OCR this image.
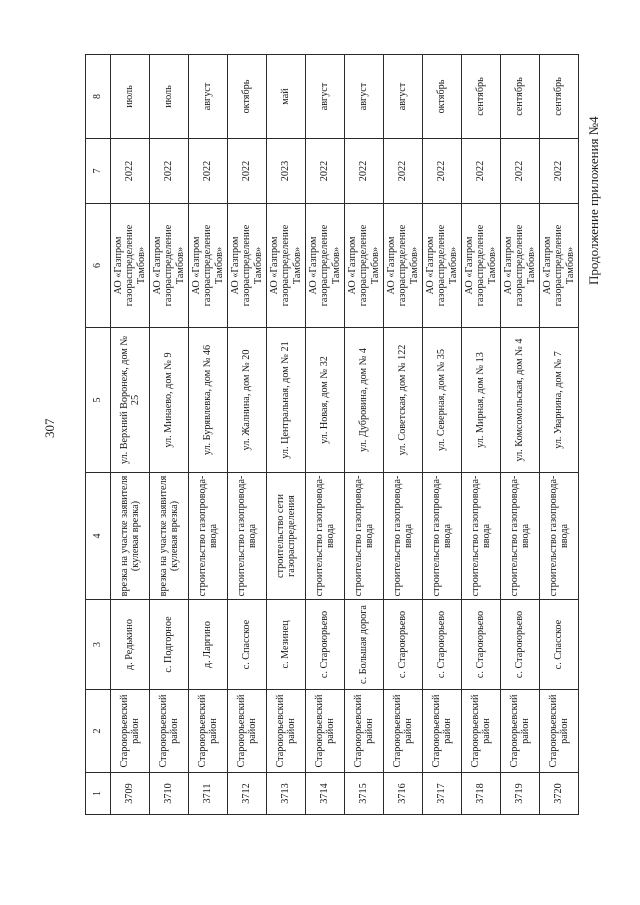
307
Продолжение приложения №4
1	2	3	4	5	6	7	8
3709	Староюрьевский район	д. Редькино	врезка на участке заявителя (кулевая врезка)	ул. Верхний Воронеж, дом № 25	АО «Газпром газораспределение Тамбов»	2022	июль
3710	Староюрьевский район	с. Подгорное	врезка на участке заявителя (кулевая врезка)	ул. Минаево, дом № 9	АО «Газпром газораспределение Тамбов»	2022	июль
3711	Староюрьевский район	д. Ларгино	строительство газопровода-ввода	ул. Бурявлевка, дом № 46	АО «Газпром газораспределение Тамбов»	2022	август
3712	Староюрьевский район	с. Спасское	строительство газопровода-ввода	ул. Жалнина, дом № 20	АО «Газпром газораспределение Тамбов»	2022	октябрь
3713	Староюрьевский район	с. Мезинец	строительство сети газораспределения	ул. Центральная, дом № 21	АО «Газпром газораспределение Тамбов»	2023	май
3714	Староюрьевский район	с. Староюрьево	строительство газопровода-ввода	ул. Новая, дом № 32	АО «Газпром газораспределение Тамбов»	2022	август
3715	Староюрьевский район	с. Большая дорога	строительство газопровода-ввода	ул. Дубровина, дом № 4	АО «Газпром газораспределение Тамбов»	2022	август
3716	Староюрьевский район	с. Староюрьево	строительство газопровода-ввода	ул. Советская, дом № 122	АО «Газпром газораспределение Тамбов»	2022	август
3717	Староюрьевский район	с. Староюрьево	строительство газопровода-ввода	ул. Северная, дом № 35	АО «Газпром газораспределение Тамбов»	2022	октябрь
3718	Староюрьевский район	с. Староюрьево	строительство газопровода-ввода	ул. Мирная, дом № 13	АО «Газпром газораспределение Тамбов»	2022	сентябрь
3719	Староюрьевский район	с. Староюрьево	строительство газопровода-ввода	ул. Комсомольская, дом № 4	АО «Газпром газораспределение Тамбов»	2022	сентябрь
3720	Староюрьевский район	с. Спасское	строительство газопровода-ввода	ул. Уварнина, дом № 7	АО «Газпром газораспределение Тамбов»	2022	сентябрь
